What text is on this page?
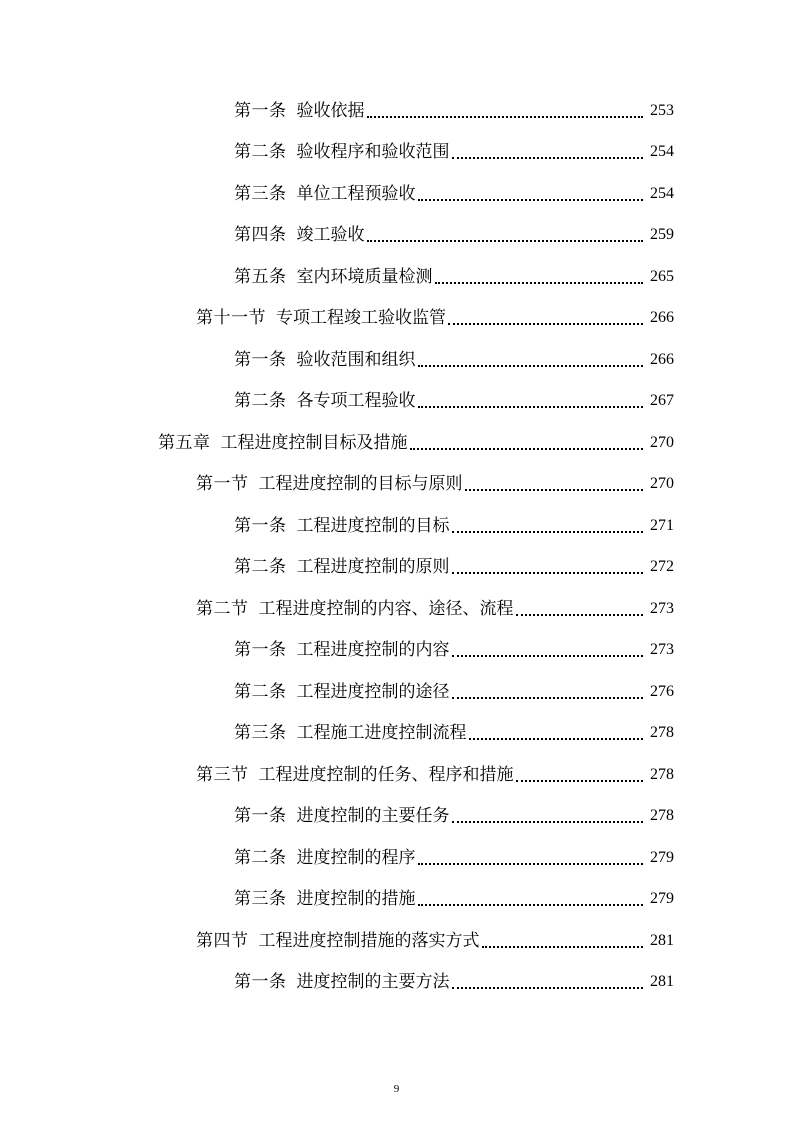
第一条 验收依据	253
第二条 验收程序和验收范围	254
第三条 单位工程预验收	254
第四条 竣工验收	259
第五条 室内环境质量检测	265
第十一节 专项工程竣工验收监管	266
第一条 验收范围和组织	266
第二条 各专项工程验收	267
第五章 工程进度控制目标及措施	270
第一节 工程进度控制的目标与原则	270
第一条 工程进度控制的目标	271
第二条 工程进度控制的原则	272
第二节 工程进度控制的内容、途径、流程	273
第一条 工程进度控制的内容	273
第二条 工程进度控制的途径	276
第三条 工程施工进度控制流程	278
第三节 工程进度控制的任务、程序和措施	278
第一条 进度控制的主要任务	278
第二条 进度控制的程序	279
第三条 进度控制的措施	279
第四节 工程进度控制措施的落实方式	281
第一条 进度控制的主要方法	281
9
